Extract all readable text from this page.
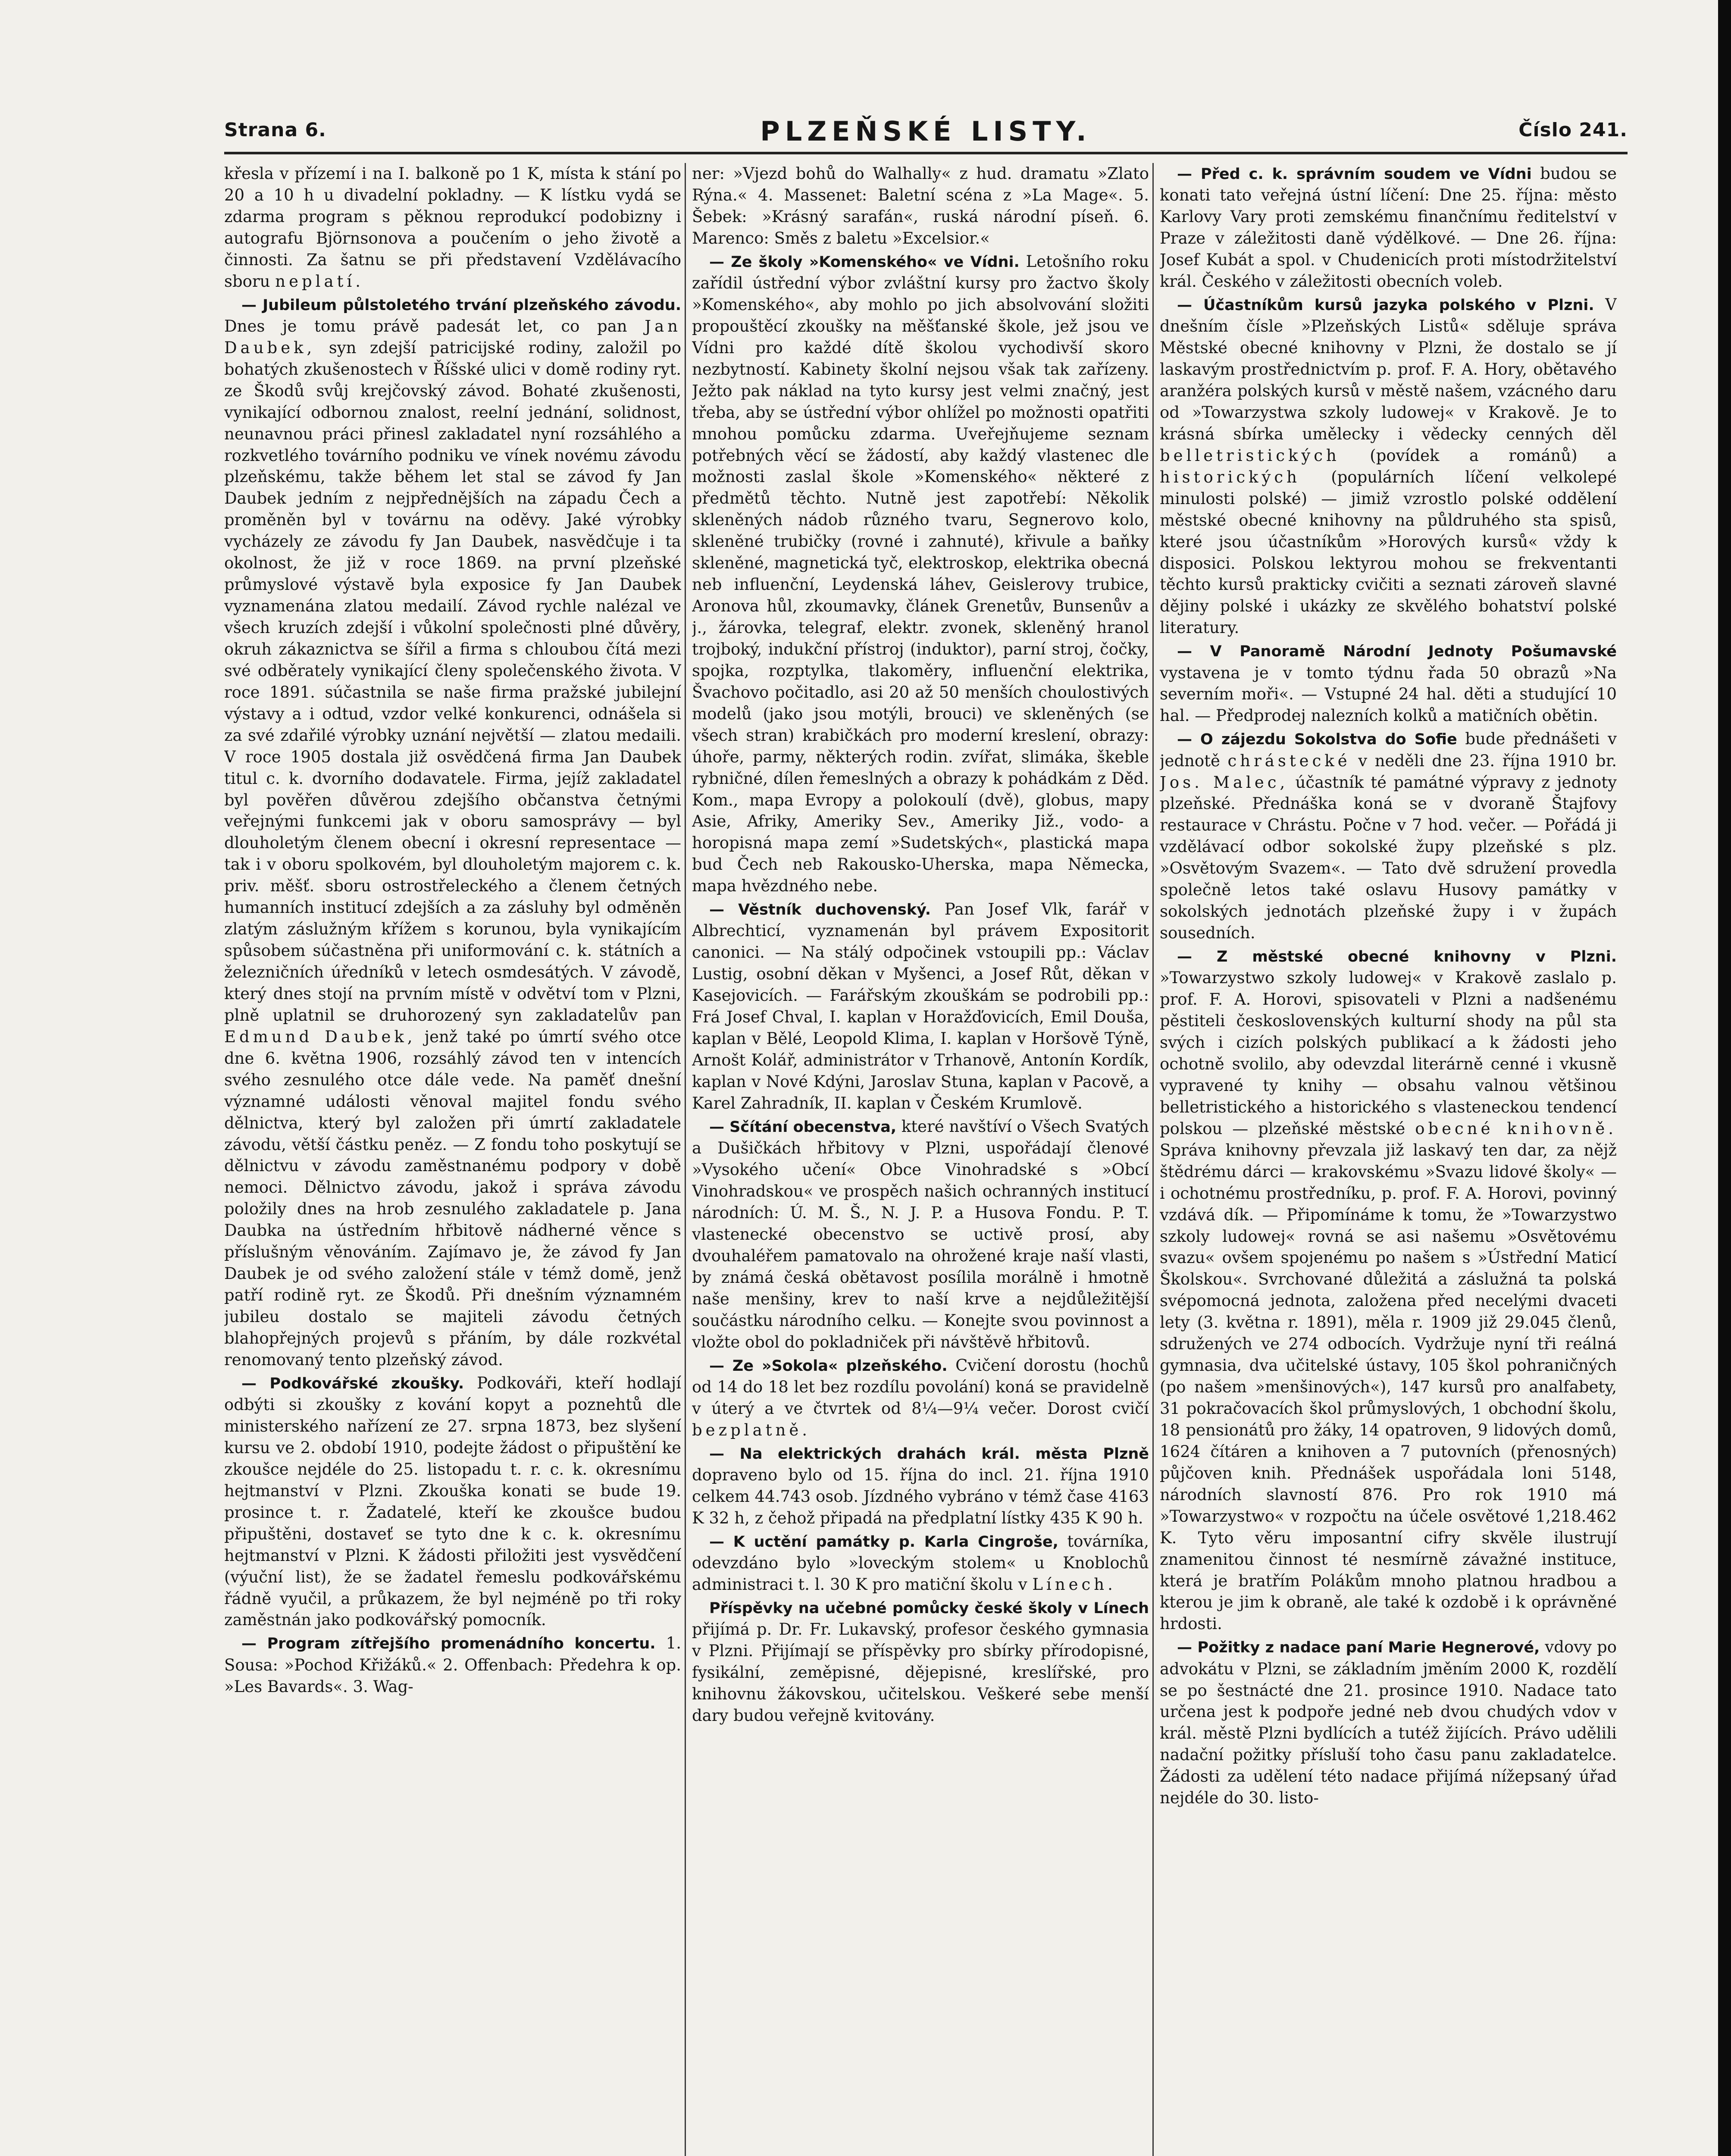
Strana 6.	PLZEŇSKÉ LISTY.	Číslo 241.

křesla v přízemí i na I. balkoně po 1 K, místa k stání po 20 a 10 h u divadelní pokladny. — K lístku vydá se zdarma program s pěknou reprodukcí podobizny i autografu Björnsonova a poučením o jeho životě a činnosti. Za šatnu se při představení Vzdělávacího sboru neplatí.

— Jubileum půlstoletého trvání plzeňského závodu. Dnes je tomu právě padesát let, co pan Jan Daubek, syn zdejší patricijské rodiny, založil po bohatých zkušenostech v Říšské ulici v domě rodiny ryt. ze Škodů svůj krejčovský závod. Bohaté zkušenosti, vynikající odbornou znalost, reelní jednání, solidnost, neunavnou práci přinesl zakladatel nyní rozsáhlého a rozkvetlého továrního podniku ve vínek novému závodu plzeňskému, takže během let stal se závod fy Jan Daubek jedním z nejpřednějších na západu Čech a proměněn byl v továrnu na oděvy. Jaké výrobky vycházely ze závodu fy Jan Daubek, nasvědčuje i ta okolnost, že již v roce 1869. na první plzeňské průmyslové výstavě byla exposice fy Jan Daubek vyznamenána zlatou medailí. Závod rychle nalézal ve všech kruzích zdejší i vůkolní společnosti plné důvěry, okruh zákaznictva se šířil a firma s chloubou čítá mezi své odběrately vynikající členy společenského života. V roce 1891. súčastnila se naše firma pražské jubilejní výstavy a i odtud, vzdor velké konkurenci, odnášela si za své zdařilé výrobky uznání největší — zlatou medaili. V roce 1905 dostala již osvědčená firma Jan Daubek titul c. k. dvorního dodavatele. Firma, jejíž zakladatel byl pověřen důvěrou zdejšího občanstva četnými veřejnými funkcemi jak v oboru samosprávy — byl dlouholetým členem obecní i okresní representace — tak i v oboru spolkovém, byl dlouholetým majorem c. k. priv. měšť. sboru ostrostřeleckého a členem četných humanních institucí zdejších a za zásluhy byl odměněn zlatým záslužným křížem s korunou, byla vynikajícím spůsobem súčastněna při uniformování c. k. státních a železničních úředníků v letech osmdesátých. V závodě, který dnes stojí na prvním místě v odvětví tom v Plzni, plně uplatnil se druhorozený syn zakladatelův pan Edmund Daubek, jenž také po úmrtí svého otce dne 6. května 1906, rozsáhlý závod ten v intencích svého zesnulého otce dále vede. Na paměť dnešní významné události věnoval majitel fondu svého dělnictva, který byl založen při úmrtí zakladatele závodu, větší částku peněz. — Z fondu toho poskytují se dělnictvu v závodu zaměstnanému podpory v době nemoci. Dělnictvo závodu, jakož i správa závodu položily dnes na hrob zesnulého zakladatele p. Jana Daubka na ústředním hřbitově nádherné věnce s příslušným věnováním. Zajímavo je, že závod fy Jan Daubek je od svého založení stále v témž domě, jenž patří rodině ryt. ze Škodů. Při dnešním významném jubileu dostalo se majiteli závodu četných blahopřejných projevů s přáním, by dále rozkvétal renomovaný tento plzeňský závod.

— Podkovářské zkoušky. Podkováři, kteří hodlají odbýti si zkoušky z kování kopyt a poznehtů dle ministerského nařízení ze 27. srpna 1873, bez slyšení kursu ve 2. období 1910, podejte žádost o připuštění ke zkoušce nejdéle do 25. listopadu t. r. c. k. okresnímu hejtmanství v Plzni. Zkouška konati se bude 19. prosince t. r. Žadatelé, kteří ke zkoušce budou připuštěni, dostaveť se tyto dne k c. k. okresnímu hejtmanství v Plzni. K žádosti přiložiti jest vysvědčení (výuční list), že se žadatel řemeslu podkovářskému řádně vyučil, a průkazem, že byl nejméně po tři roky zaměstnán jako podkovářský pomocník.

— Program zítřejšího promenádního koncertu. 1. Sousa: »Pochod Křižáků.« 2. Offenbach: Předehra k op. »Les Bavards«. 3. Wag-

ner: »Vjezd bohů do Walhally« z hud. dramatu »Zlato Rýna.« 4. Massenet: Baletní scéna z »La Mage«. 5. Šebek: »Krásný sarafán«, ruská národní píseň. 6. Marenco: Směs z baletu »Excelsior.«

— Ze školy »Komenského« ve Vídni. Letošního roku zařídil ústřední výbor zvláštní kursy pro žactvo školy »Komenského«, aby mohlo po jich absolvování složiti propouštěcí zkoušky na měšťanské škole, jež jsou ve Vídni pro každé dítě školou vychodivší skoro nezbytností. Kabinety školní nejsou však tak zařízeny. Ježto pak náklad na tyto kursy jest velmi značný, jest třeba, aby se ústřední výbor ohlížel po možnosti opatřiti mnohou pomůcku zdarma. Uveřejňujeme seznam potřebných věcí se žádostí, aby každý vlastenec dle možnosti zaslal škole »Komenského« některé z předmětů těchto. Nutně jest zapotřebí: Několik skleněných nádob různého tvaru, Segnerovo kolo, skleněné trubičky (rovné i zahnuté), křivule a baňky skleněné, magnetická tyč, elektroskop, elektrika obecná neb influenční, Leydenská láhev, Geislerovy trubice, Aronova hůl, zkoumavky, článek Grenetův, Bunsenův a j., žárovka, telegraf, elektr. zvonek, skleněný hranol trojboký, indukční přístroj (induktor), parní stroj, čočky, spojka, rozptylka, tlakoměry, influenční elektrika, Švachovo počitadlo, asi 20 až 50 menších choulostivých modelů (jako jsou motýli, brouci) ve skleněných (se všech stran) krabičkách pro moderní kreslení, obrazy: úhoře, parmy, některých rodin. zvířat, slimáka, škeble rybničné, dílen řemeslných a obrazy k pohádkám z Děd. Kom., mapa Evropy a polokoulí (dvě), globus, mapy Asie, Afriky, Ameriky Sev., Amerikу Již., vodo- a horopisná mapa zemí »Sudetských«, plastická mapa bud Čech neb Rakousko-Uherska, mapa Německa, mapa hvězdného nebe.

— Věstník duchovenský. Pan Josef Vlk, farář v Albrechticí, vyznamenán byl právem Expositorit canonici. — Na stálý odpočinek vstoupili pp.: Václav Lustig, osobní děkan v Myšenci, a Josef Růt, děkan v Kasejovicích. — Farářským zkouškám se podrobili pp.: Frá Josef Chval, I. kaplan v Horažďovicích, Emil Douša, kaplan v Bělé, Leopold Klima, I. kaplan v Horšově Týně, Arnošt Kolář, administrátor v Trhanově, Antonín Kordík, kaplan v Nové Kdýni, Jaroslav Stuna, kaplan v Pacově, a Karel Zahradník, II. kaplan v Českém Krumlově.

— Sčítání obecenstva, které navštíví o Všech Svatých a Dušičkách hřbitovy v Plzni, uspořádají členové »Vysokého učení« Obce Vinohradské s »Obcí Vinohradskou« ve prospěch našich ochranných institucí národních: Ú. M. Š., N. J. P. a Husova Fondu. P. T. vlastenecké obecenstvo se uctivě prosí, aby dvouhaléřem pamatovalo na ohrožené kraje naší vlasti, by známá česká obětavost posílila morálně i hmotně naše menšiny, krev to naší krve a nejdůležitější součástku národního celku. — Konejte svou povinnost a vložte obol do pokladniček při návštěvě hřbitovů.

— Ze »Sokola« plzeňského. Cvičení dorostu (hochů od 14 do 18 let bez rozdílu povolání) koná se pravidelně v úterý a ve čtvrtek od 8¼—9¼ večer. Dorost cvičí bezplatně.

— Na elektrických drahách král. města Plzně dopraveno bylo od 15. října do incl. 21. října 1910 celkem 44.743 osob. Jízdného vybráno v témž čase 4163 K 32 h, z čehož připadá na předplatní lístky 435 K 90 h.

— K uctění památky p. Karla Cingroše, továrníka, odevzdáno bylo »loveckým stolem« u Knoblochů administraci t. l. 30 K pro matiční školu v Línech.

Příspěvky na učebné pomůcky české školy v Línech přijímá p. Dr. Fr. Lukavský, profesor českého gymnasia v Plzni. Přijímají se příspěvky pro sbírky přírodopisné, fysikální, zeměpisné, dějepisné, kreslířské, pro knihovnu žákovskou, učitelskou. Veškeré sebe menší dary budou veřejně kvitovány.

— Před c. k. správním soudem ve Vídni budou se konati tato veřejná ústní líčení: Dne 25. října: město Karlovy Vary proti zemskému finančnímu ředitelství v Praze v záležitosti daně výdělkové. — Dne 26. října: Josef Kubát a spol. v Chudenicích proti místodržitelství král. Českého v záležitosti obecních voleb.

— Účastníkům kursů jazyka polského v Plzni. V dnešním čísle »Plzeňských Listů« sděluje správa Městské obecné knihovny v Plzni, že dostalo se jí laskavým prostřednictvím p. prof. F. A. Hory, obětavého aranžéra polských kursů v městě našem, vzácného daru od »Towarzystwa szkoly ludowej« v Krakově. Je to krásná sbírka umělecky i vědecky cenných děl belletristických (povídek a románů) a historických (populárních líčení velkolepé minulosti polské) — jimiž vzrostlo polské oddělení městské obecné knihovny na půldruhého sta spisů, které jsou účastníkům »Horových kursů« vždy k disposici. Polskou lektyrou mohou se frekventanti těchto kursů prakticky cvičiti a seznati zároveň slavné dějiny polské i ukázky ze skvělého bohatství polské literatury.

— V Panoramě Národní Jednoty Pošumavské vystavena je v tomto týdnu řada 50 obrazů »Na severním moři«. — Vstupné 24 hal. děti a studující 10 hal. — Předprodej nalezních kolků a matičních obětin.

— O zájezdu Sokolstva do Sofie bude přednášeti v jednotě chrástecké v neděli dne 23. října 1910 br. Jos. Malec, účastník té památné výpravy z jednoty plzeňské. Přednáška koná se v dvoraně Štajfovy restaurace v Chrástu. Počne v 7 hod. večer. — Pořádá ji vzdělávací odbor sokolské župy plzeňské s plz. »Osvětovým Svazem«. — Tato dvě sdružení provedla společně letos také oslavu Husovy památky v sokolských jednotách plzeňské župy i v župách sousedních.

— Z městské obecné knihovny v Plzni. »Towarzystwo szkoly ludowej« v Krakově zaslalo p. prof. F. A. Horovi, spisovateli v Plzni a nadšenému pěstiteli československých kulturní shody na půl sta svých i cizích polských publikací a k žádosti jeho ochotně svolilo, aby odevzdal literárně cenné i vkusně vypravené ty knihy — obsahu valnou většinou belletristického a historického s vlasteneckou tendencí polskou — plzeňské městské obecné knihovně. Správa knihovny převzala již laskavý ten dar, za nějž štědrému dárci — krakovskému »Svazu lidové školy« — i ochotnému prostředníku, p. prof. F. A. Horovi, povinný vzdává dík. — Připomínáme k tomu, že »Towarzystwo szkoly ludowej« rovná se asi našemu »Osvětovému svazu« ovšem spojenému po našem s »Ústřední Maticí Školskou«. Svrchované důležitá a záslužná ta polská svépomocná jednota, založena před necelými dvaceti lety (3. května r. 1891), měla r. 1909 již 29.045 členů, sdružených ve 274 odbocích. Vydržuje nyní tři reálná gymnasia, dva učitelské ústavy, 105 škol pohraničných (po našem »menšinových«), 147 kursů pro analfabety, 31 pokračovacích škol průmyslových, 1 obchodní školu, 18 pensionátů pro žáky, 14 opatroven, 9 lidových domů, 1624 čítáren a knihoven a 7 putovních (přenosných) půjčoven knih. Přednášek uspořádala loni 5148, národních slavností 876. Pro rok 1910 má »Towarzystwo« v rozpočtu na účele osvětové 1,218.462 K. Tyto věru imposantní cifry skvěle ilustrují znamenitou činnost té nesmírně závažné instituce, která je bratřím Polákům mnoho platnou hradbou a kterou je jim k obraně, ale také k ozdobě i k oprávněné hrdosti.

— Požitky z nadace paní Marie Hegnerové, vdovy po advokátu v Plzni, se základním jměním 2000 K, rozdělí se po šestnácté dne 21. prosince 1910. Nadace tato určena jest k podpoře jedné neb dvou chudých vdov v král. městě Plzni bydlících a tutéž žijících. Právo udělili nadační požitky přísluší toho času panu zakladatelce. Žádosti za udělení této nadace přijímá nížepsaný úřad nejdéle do 30. listo-
